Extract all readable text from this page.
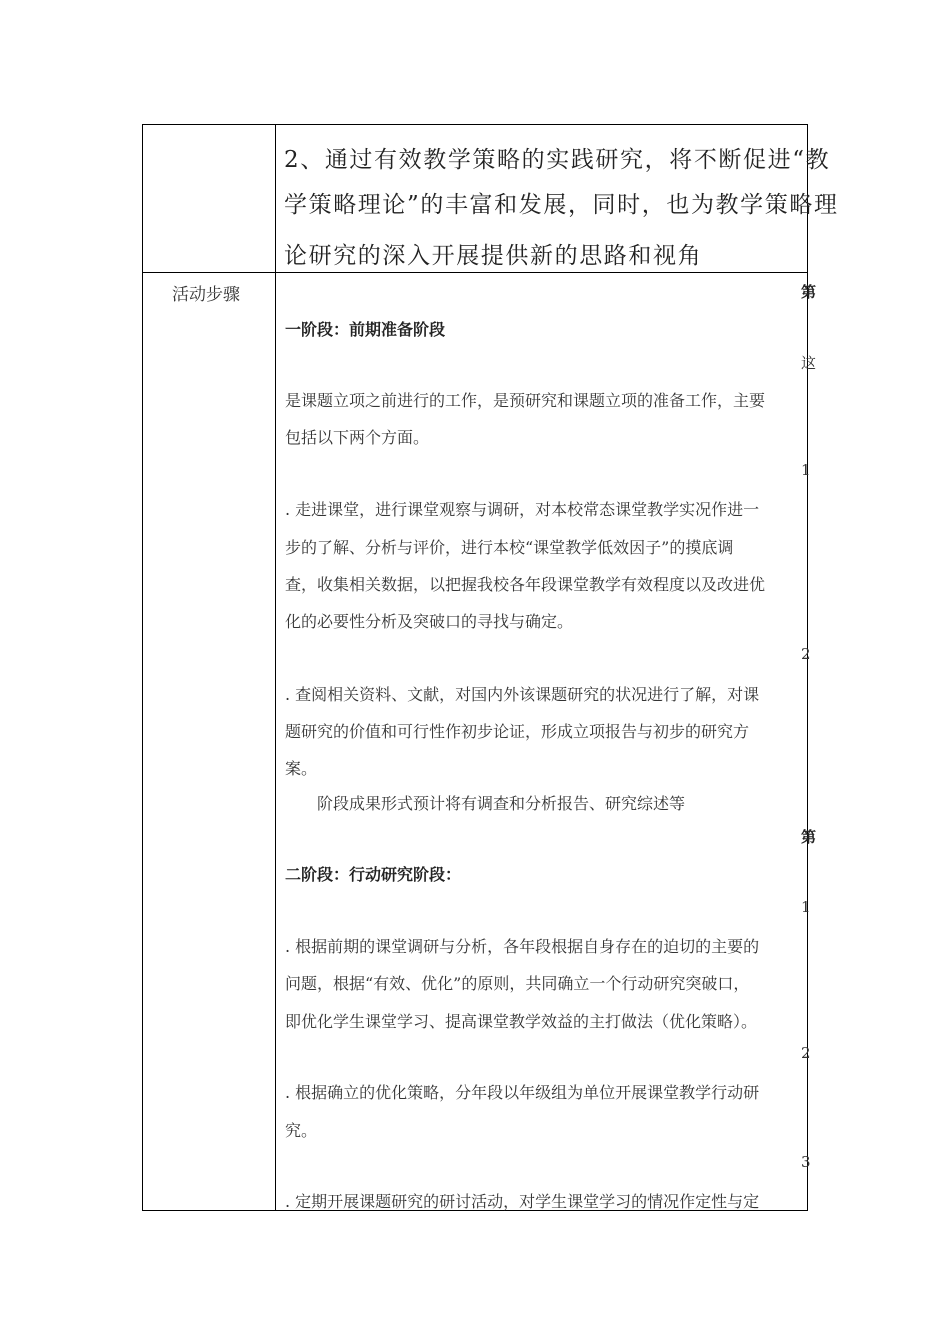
2、通过有效教学策略的实践研究，将不断促进“教
学策略理论”的丰富和发展，同时，也为教学策略理
论研究的深入开展提供新的思路和视角
活动步骤
一阶段：前期准备阶段
是课题立项之前进行的工作，是预研究和课题立项的准备工作，主要
包括以下两个方面。
. 走进课堂，进行课堂观察与调研，对本校常态课堂教学实况作进一
步的了解、分析与评价，进行本校“课堂教学低效因子”的摸底调
查，收集相关数据，以把握我校各年段课堂教学有效程度以及改进优
化的必要性分析及突破口的寻找与确定。
. 查阅相关资料、文献，对国内外该课题研究的状况进行了解，对课
题研究的价值和可行性作初步论证，形成立项报告与初步的研究方
案。
阶段成果形式预计将有调查和分析报告、研究综述等
二阶段：行动研究阶段：
. 根据前期的课堂调研与分析，各年段根据自身存在的迫切的主要的
问题，根据“有效、优化”的原则，共同确立一个行动研究突破口，
即优化学生课堂学习、提高课堂教学效益的主打做法（优化策略）。
. 根据确立的优化策略，分年段以年级组为单位开展课堂教学行动研
究。
. 定期开展课题研究的研讨活动，对学生课堂学习的情况作定性与定
第
这
1
2
第
1
2
3
